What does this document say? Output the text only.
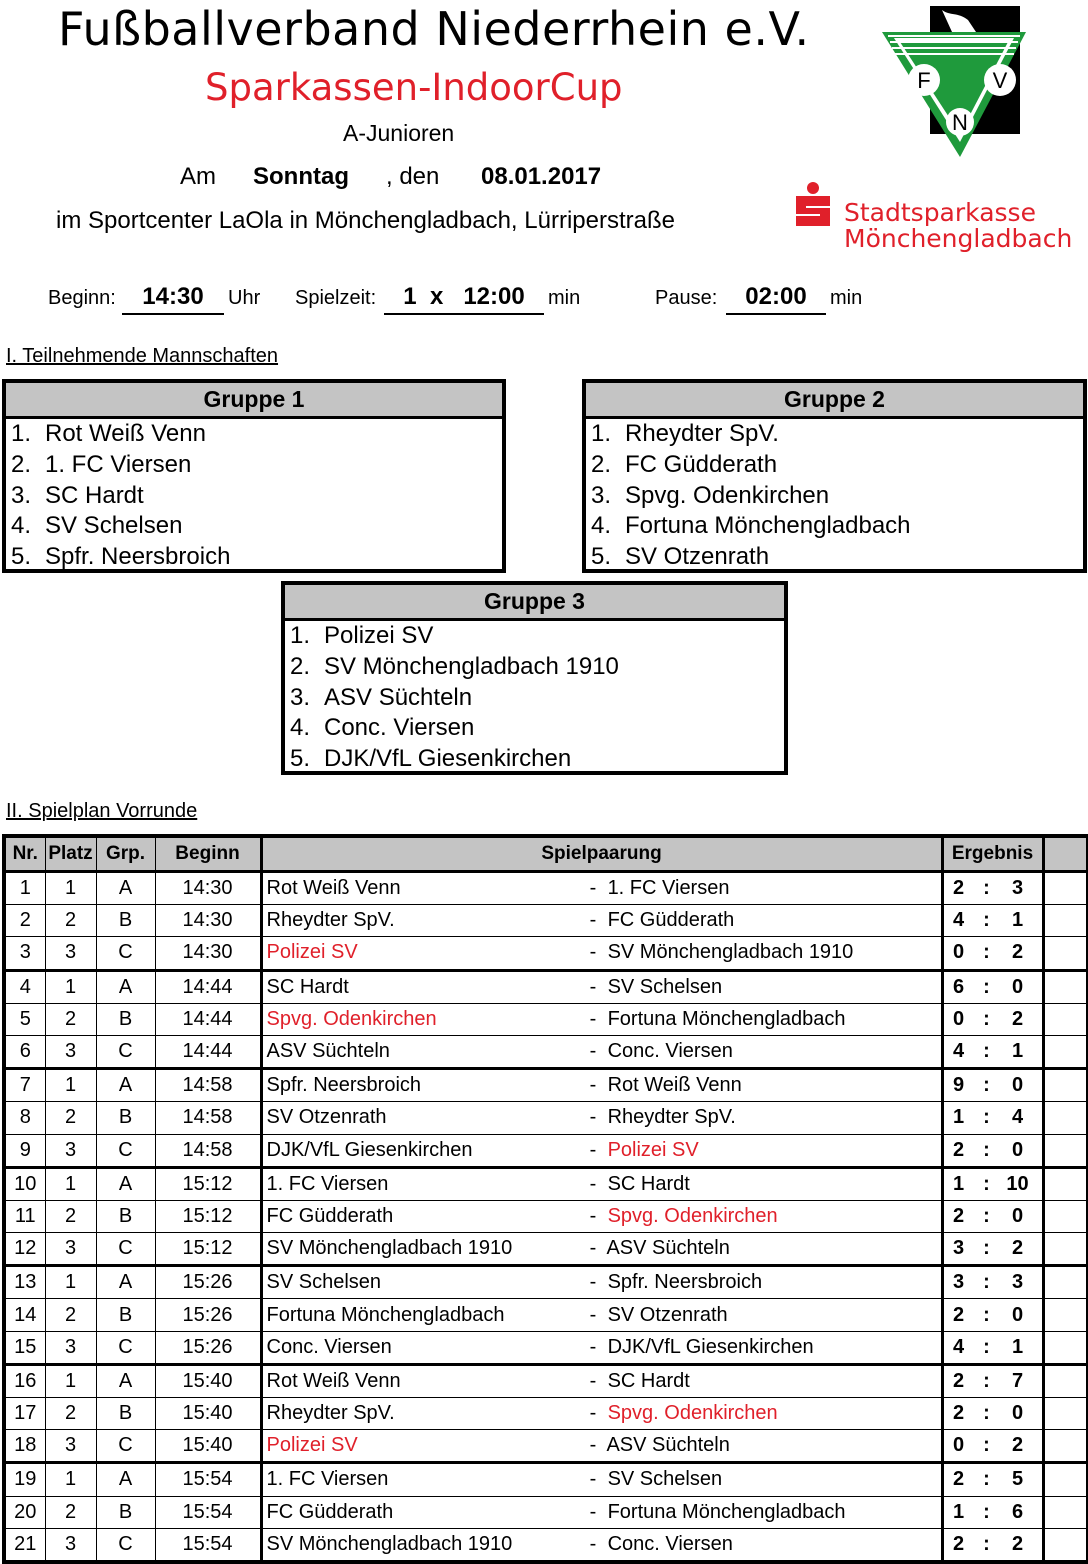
Fußballverband Niederrhein e.V.
Sparkassen-IndoorCup
A-Junioren
Am Sonntag , den 08.01.2017
im Sportcenter LaOla in Mönchengladbach, Lürriperstraße
F	V
N
Stadtsparkasse
Mönchengladbach
Beginn:	14:30	Uhr Spielzeit:	1  x   12:00	min	Pause:	02:00	min
I. Teilnehmende Mannschaften
Gruppe 1
1. Rot Weiß Venn
2. 1. FC Viersen
3. SC Hardt
4. SV Schelsen
5. Spfr. Neersbroich
Gruppe 2
1. Rheydter SpV.
2. FC Güdderath
3. Spvg. Odenkirchen
4. Fortuna Mönchengladbach
5. SV Otzenrath
Gruppe 3
1. Polizei SV
2. SV Mönchengladbach 1910
3. ASV Süchteln
4. Conc. Viersen
5. DJK/VfL Giesenkirchen
II. Spielplan Vorrunde
Nr.	Platz	Grp.	Beginn	Spielpaarung		Ergebnis	
1	1	A	14:30	Rot Weiß Venn	- 1. FC Viersen	2 : 3	

2	2	B	14:30	Rheydter SpV.	- FC Güdderath	4 : 1	

3	3	C	14:30	Polizei SV	- SV Mönchengladbach 1910	0 : 2	

4	1	A	14:44	SC Hardt	- SV Schelsen	6 : 0	

5	2	B	14:44	Spvg. Odenkirchen	- Fortuna Mönchengladbach	0 : 2	

6	3	C	14:44	ASV Süchteln	- Conc. Viersen	4 : 1	

7	1	A	14:58	Spfr. Neersbroich	- Rot Weiß Venn	9 : 0	

8	2	B	14:58	SV Otzenrath	- Rheydter SpV.	1 : 4	

9	3	C	14:58	DJK/VfL Giesenkirchen	- Polizei SV	2 : 0	

10	1	A	15:12	1. FC Viersen	- SC Hardt	1 : 10	

11	2	B	15:12	FC Güdderath	- Spvg. Odenkirchen	2 : 0	

12	3	C	15:12	SV Mönchengladbach 1910	- ASV Süchteln	3 : 2	

13	1	A	15:26	SV Schelsen	- Spfr. Neersbroich	3 : 3	

14	2	B	15:26	Fortuna Mönchengladbach	- SV Otzenrath	2 : 0	

15	3	C	15:26	Conc. Viersen	- DJK/VfL Giesenkirchen	4 : 1	

16	1	A	15:40	Rot Weiß Venn	- SC Hardt	2 : 7	

17	2	B	15:40	Rheydter SpV.	- Spvg. Odenkirchen	2 : 0	

18	3	C	15:40	Polizei SV	- ASV Süchteln	0 : 2	

19	1	A	15:54	1. FC Viersen	- SV Schelsen	2 : 5	

20	2	B	15:54	FC Güdderath	- Fortuna Mönchengladbach	1 : 6	

21	3	C	15:54	SV Mönchengladbach 1910	- Conc. Viersen	2 : 2	
